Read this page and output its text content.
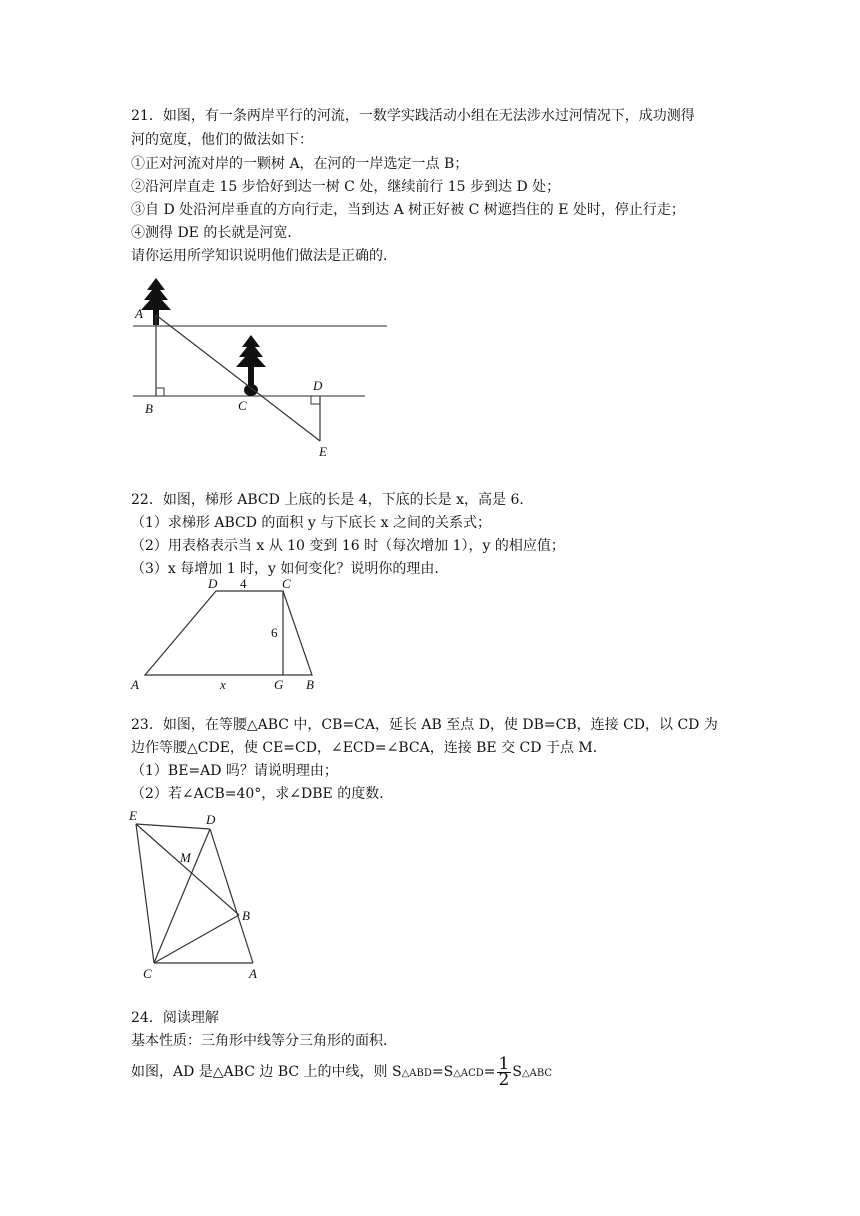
21．如图，有一条两岸平行的河流，一数学实践活动小组在无法涉水过河情况下，成功测得
河的宽度，他们的做法如下：
①正对河流对岸的一颗树 A，在河的一岸选定一点 B；
②沿河岸直走 15 步恰好到达一树 C 处，继续前行 15 步到达 D 处；
③自 D 处沿河岸垂直的方向行走，当到达 A 树正好被 C 树遮挡住的 E 处时，停止行走；
④测得 DE 的长就是河宽．
请你运用所学知识说明他们做法是正确的．
A
B	C
D
E
22．如图，梯形 ABCD 上底的长是 4，下底的长是 x，高是 6．
（1）求梯形 ABCD 的面积 y 与下底长 x 之间的关系式；
（2）用表格表示当 x 从 10 变到 16 时（每次增加 1），y 的相应值；
（3）x 每增加 1 时，y 如何变化？说明你的理由．
A	B
C
D
G
x
4
6
23．如图，在等腰△ABC 中，CB=CA，延长 AB 至点 D，使 DB=CB，连接 CD，以 CD 为
边作等腰△CDE，使 CE=CD，∠ECD=∠BCA，连接 BE 交 CD 于点 M．
（1）BE=AD 吗？请说明理由；
（2）若∠ACB=40°，求∠DBE 的度数．
E	D
M
B
C	A
24．阅读理解
基本性质：三角形中线等分三角形的面积．
如图，AD 是△ABC 边 BC 上的中线，则 S△ABD=S△ACD= $\frac{1}{2}$ S△ABC
